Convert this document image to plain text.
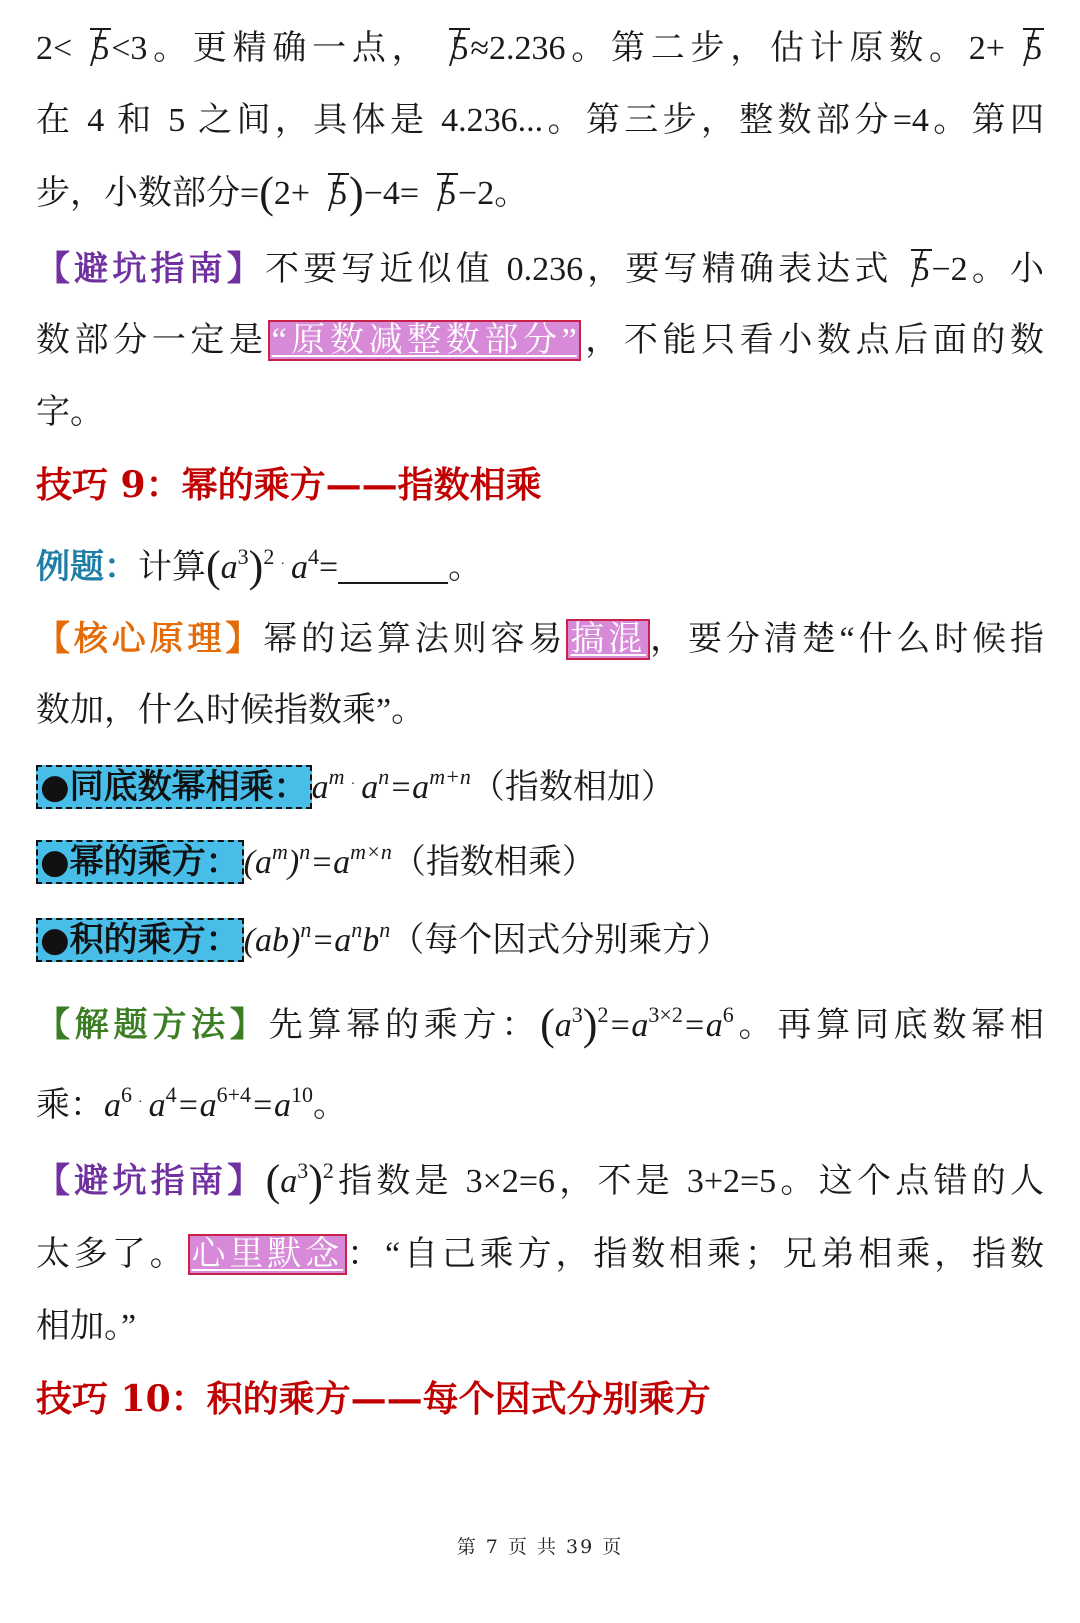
2< 5<3。更精确一点， 5≈2.236。第二步，估计原数。2+ 5
在 4 和 5 之间，具体是 4.236...。第三步，整数部分=4。第四
步，小数部分=(2+ 5)−4= 5−2。
【避坑指南】不要写近似值 0.236，要写精确表达式 5−2。小
数部分一定是 “原数减整数部分” ，不能只看小数点后面的数
字。
技巧 9：幂的乘方——指数相乘
例题：计算$(a^3)^2$ · $a^4=$	。
【核心原理】幂的运算法则容易 搞混 ，要分清楚“什么时候指
数加，什么时候指数乘”。
●同底数幂相乘： $a^m$ · $a^n=a^{m+n}$（指数相加）
●幂的乘方： $(a^m)^n=a^{m\times n}$（指数相乘）
●积的乘方： $(ab)^n=a^nb^n$（每个因式分别乘方）
【解题方法】先算幂的乘方：$(a^3)^2=a^{3\times 2}=a^6$。再算同底数幂相
乘：$a^6$ · $a^4=a^{6+4}=a^{10}$。
【避坑指南】$(a^3)^2$指数是 3×2=6，不是 3+2=5。这个点错的人
太多了。 心里默念 ：“自己乘方，指数相乘；兄弟相乘，指数
相加。”
技巧 10：积的乘方——每个因式分别乘方
第 7 页 共 39 页
